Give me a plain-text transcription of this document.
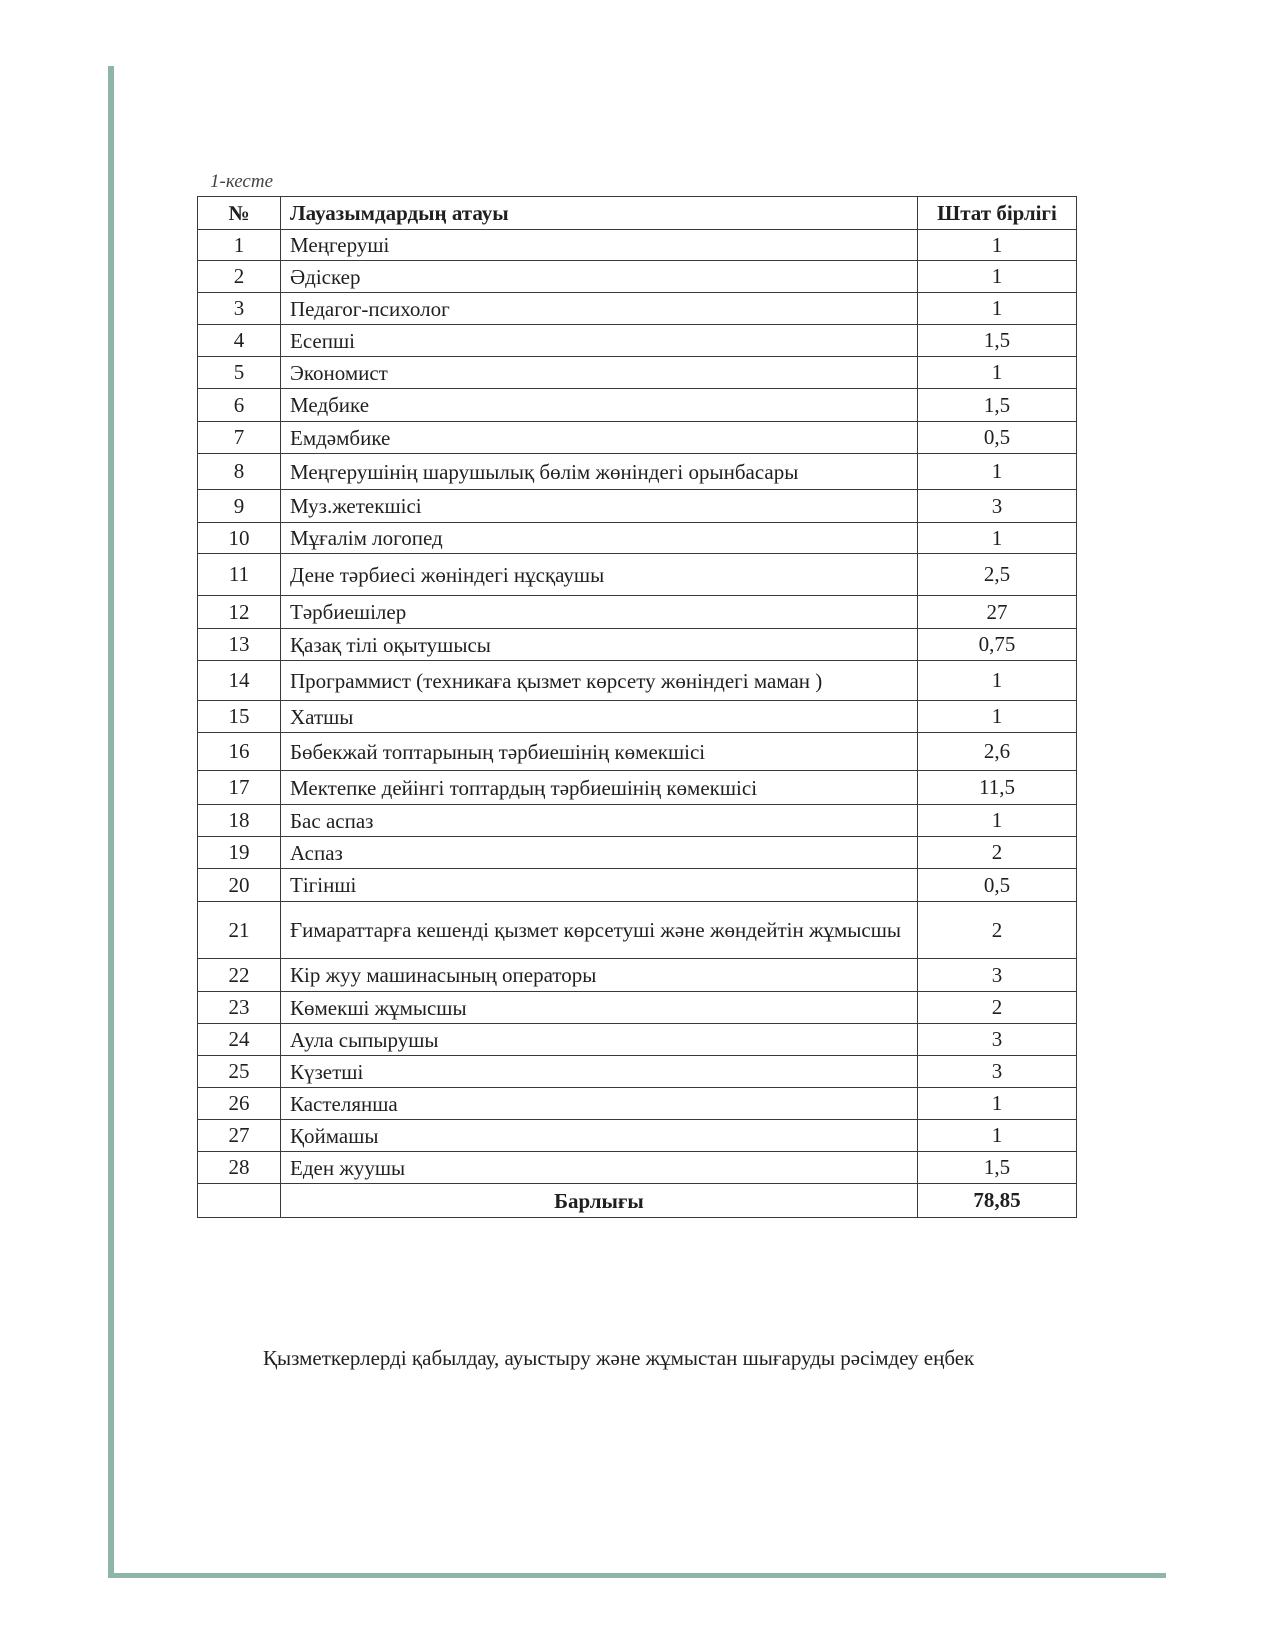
1-кесте
№	Лауазымдардың атауы	Штат бірлігі
1	Меңгеруші	1
2	Әдіскер	1
3	Педагог-психолог	1
4	Есепші	1,5
5	Экономист	1
6	Медбике	1,5
7	Емдәмбике	0,5
8	Меңгерушінің шарушылық бөлім жөніндегі орынбасары	1
9	Муз.жетекшісі	3
10	Мұғалім логопед	1
11	Дене тәрбиесі жөніндегі нұсқаушы	2,5
12	Тәрбиешілер	27
13	Қазақ тілі оқытушысы	0,75
14	Программист (техникаға қызмет көрсету жөніндегі маман )	1
15	Хатшы	1
16	Бөбекжай топтарының тәрбиешінің көмекшісі	2,6
17	Мектепке дейінгі топтардың тәрбиешінің көмекшісі	11,5
18	Бас аспаз	1
19	Аспаз	2
20	Тігінші	0,5
21	Ғимараттарға кешенді қызмет көрсетуші және жөндейтін жұмысшы	2
22	Кір жуу машинасының операторы	3
23	Көмекші жұмысшы	2
24	Аула сыпырушы	3
25	Күзетші	3
26	Кастелянша	1
27	Қоймашы	1
28	Еден жуушы	1,5
	Барлығы	78,85
Қызметкерлерді қабылдау, ауыстыру және жұмыстан шығаруды рәсімдеу еңбек
